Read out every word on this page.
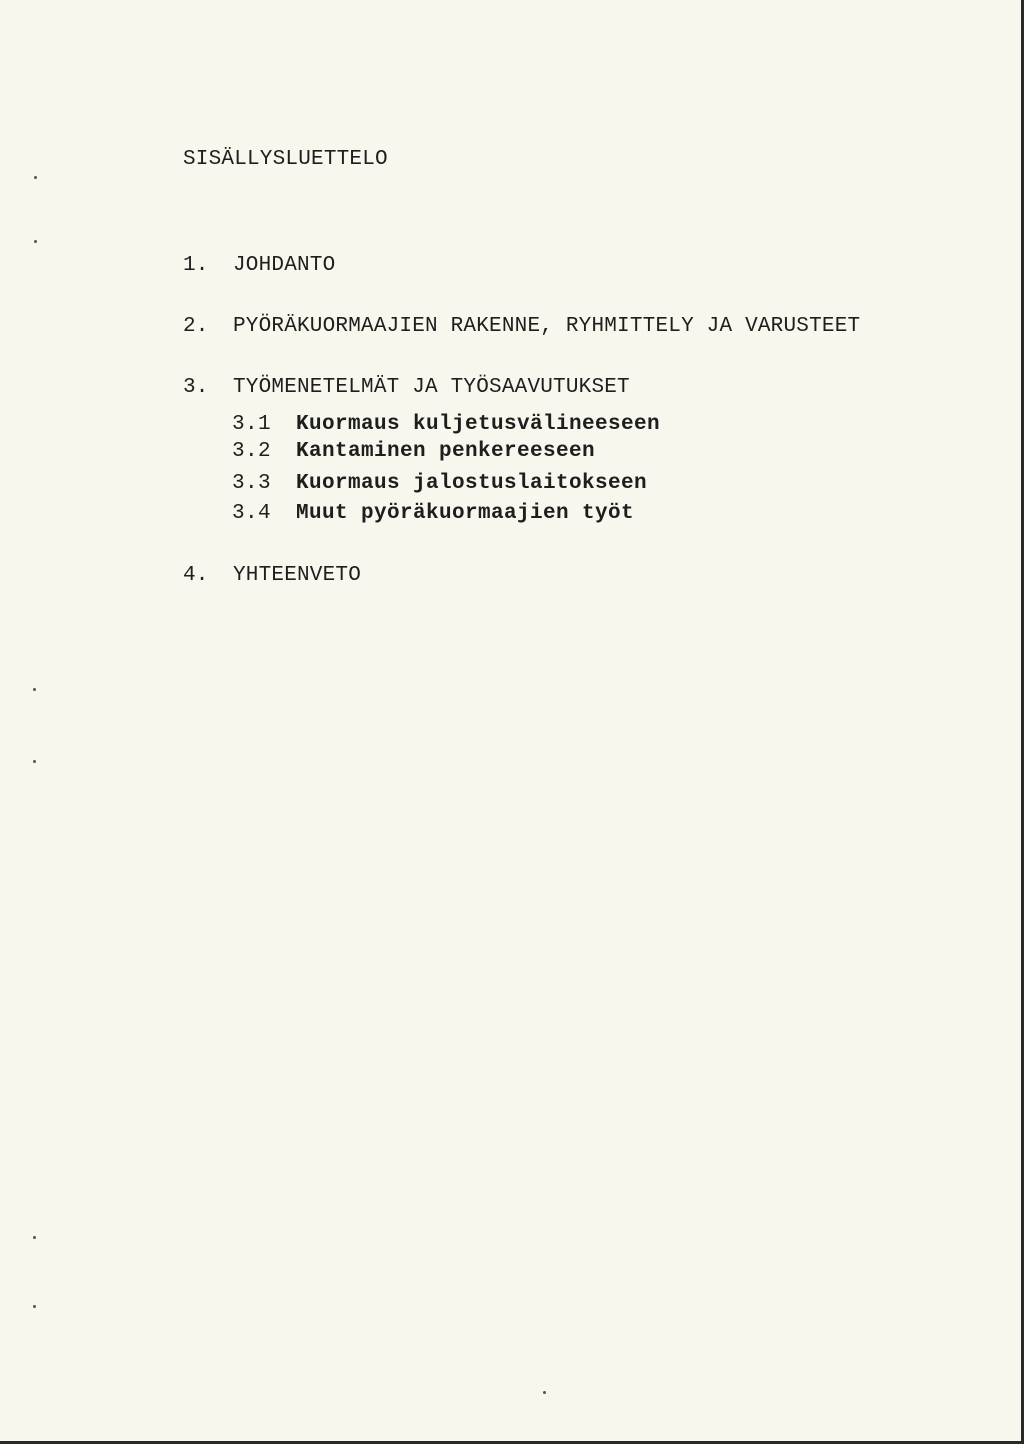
SISÄLLYSLUETTELO
1. JOHDANTO
2. PYÖRÄKUORMAAJIEN RAKENNE, RYHMITTELY JA VARUSTEET
3. TYÖMENETELMÄT JA TYÖSAAVUTUKSET
3.1 Kuormaus kuljetusvälineeseen
3.2 Kantaminen penkereeseen
3.3 Kuormaus jalostuslaitokseen
3.4 Muut pyöräkuormaajien työt
4. YHTEENVETO
